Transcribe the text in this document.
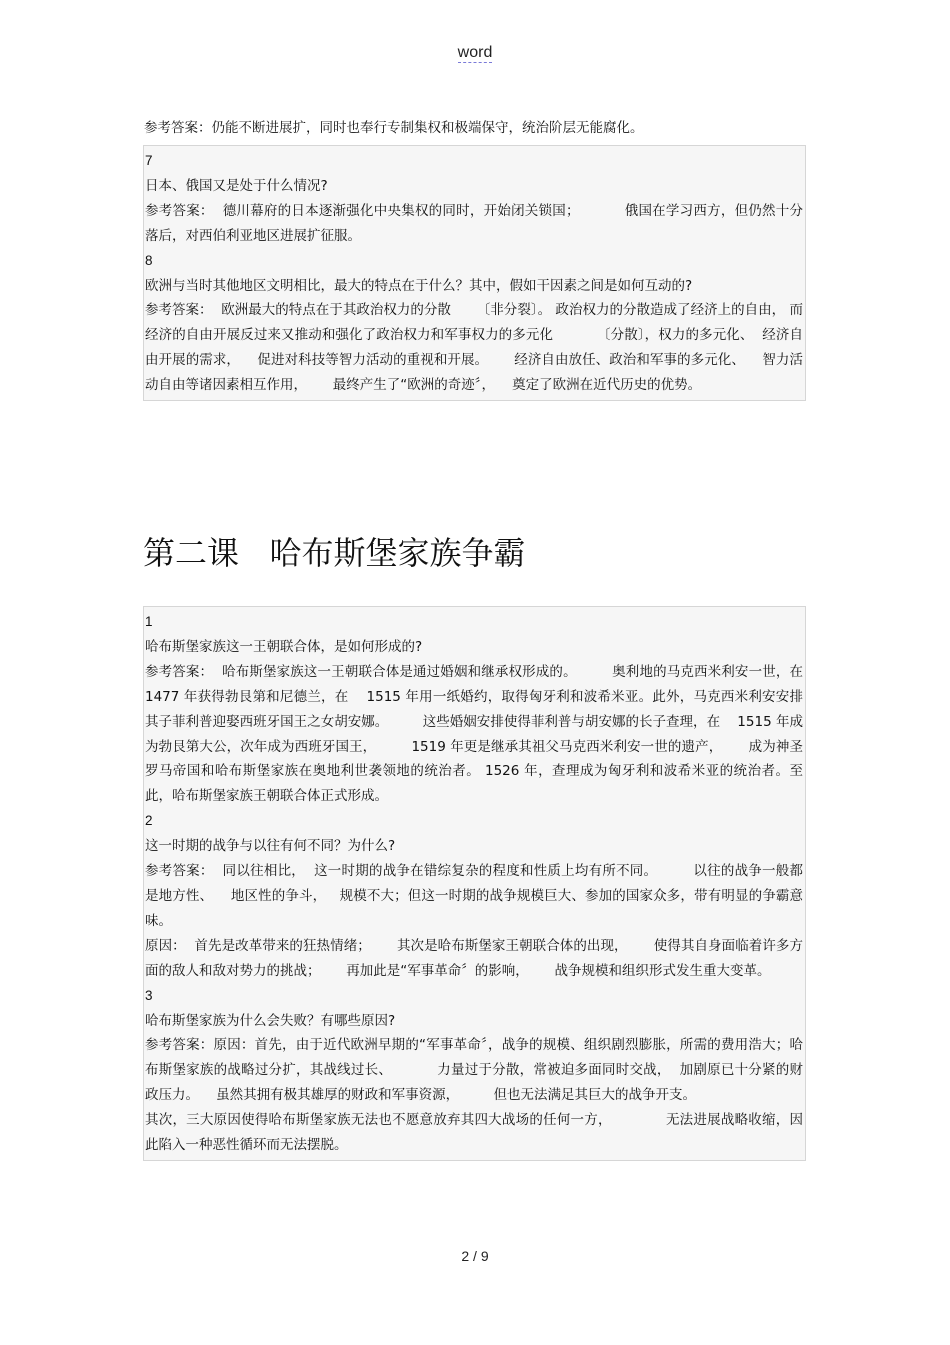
word
参考答案：仍能不断进展扩，同时也奉行专制集权和极端保守，统治阶层无能腐化。

7

日本、俄国又是处于什么情况?

参考答案：  德川幕府的日本逐渐强化中央集权的同时，开始闭关锁国；          俄国在学习西方，但仍然十分落后，对西伯利亚地区进展扩征服。

8

欧洲与当时其他地区文明相比，最大的特点在于什么？其中，假如干因素之间是如何互动的?

参考答案：  欧洲最大的特点在于其政治权力的分散      〔非分裂〕。 政治权力的分散造成了经济上的自由， 而经济的自由开展反过来又推动和强化了政治权力和军事权力的多元化          〔分散〕，权力的多元化、  经济自由开展的需求，    促进对科技等智力活动的重视和开展。      经济自由放任、政治和军事的多元化、    智力活动自由等诸因素相互作用，      最终产生了“欧洲的奇迹〞，    奠定了欧洲在近代历史的优势。

第二课   哈布斯堡家族争霸

1

哈布斯堡家族这一王朝联合体，是如何形成的?

参考答案：  哈布斯堡家族这一王朝联合体是通过婚姻和继承权形成的。        奥利地的马克西米利安一世，在   1477 年获得勃艮第和尼德兰，在    1515 年用一纸婚约，取得匈牙利和波希米亚。此外，马克西米利安安排其子菲利普迎娶西班牙国王之女胡安娜。        这些婚姻安排使得菲利普与胡安娜的长子查理，在    1515 年成为勃艮第大公，次年成为西班牙国王，        1519 年更是继承其祖父马克西米利安一世的遗产，      成为神圣罗马帝国和哈布斯堡家族在奥地利世袭领地的统治者。 1526 年，查理成为匈牙利和波希米亚的统治者。至此，哈布斯堡家族王朝联合体正式形成。

2

这一时期的战争与以往有何不同？为什么?

参考答案：  同以往相比，  这一时期的战争在错综复杂的程度和性质上均有所不同。        以往的战争一般都是地方性、    地区性的争斗，   规模不大；但这一时期的战争规模巨大、参加的国家众多，带有明显的争霸意味。

原因：  首先是改革带来的狂热情绪；      其次是哈布斯堡家王朝联合体的出现，      使得其自身面临着许多方面的敌人和敌对势力的挑战；      再加此是“军事革命〞的影响，      战争规模和组织形式发生重大变革。

3

哈布斯堡家族为什么会失败？有哪些原因?

参考答案：原因：首先，由于近代欧洲早期的“军事革命〞，战争的规模、组织剧烈膨胀，所需的费用浩大；哈布斯堡家族的战略过分扩，其战线过长、          力量过于分散，常被迫多面同时交战，  加剧原已十分紧的财政压力。    虽然其拥有极其雄厚的财政和军事资源，        但也无法满足其巨大的战争开支。

其次，三大原因使得哈布斯堡家族无法也不愿意放弃其四大战场的任何一方，            无法进展战略收缩，因此陷入一种恶性循环而无法摆脱。

2 / 9
